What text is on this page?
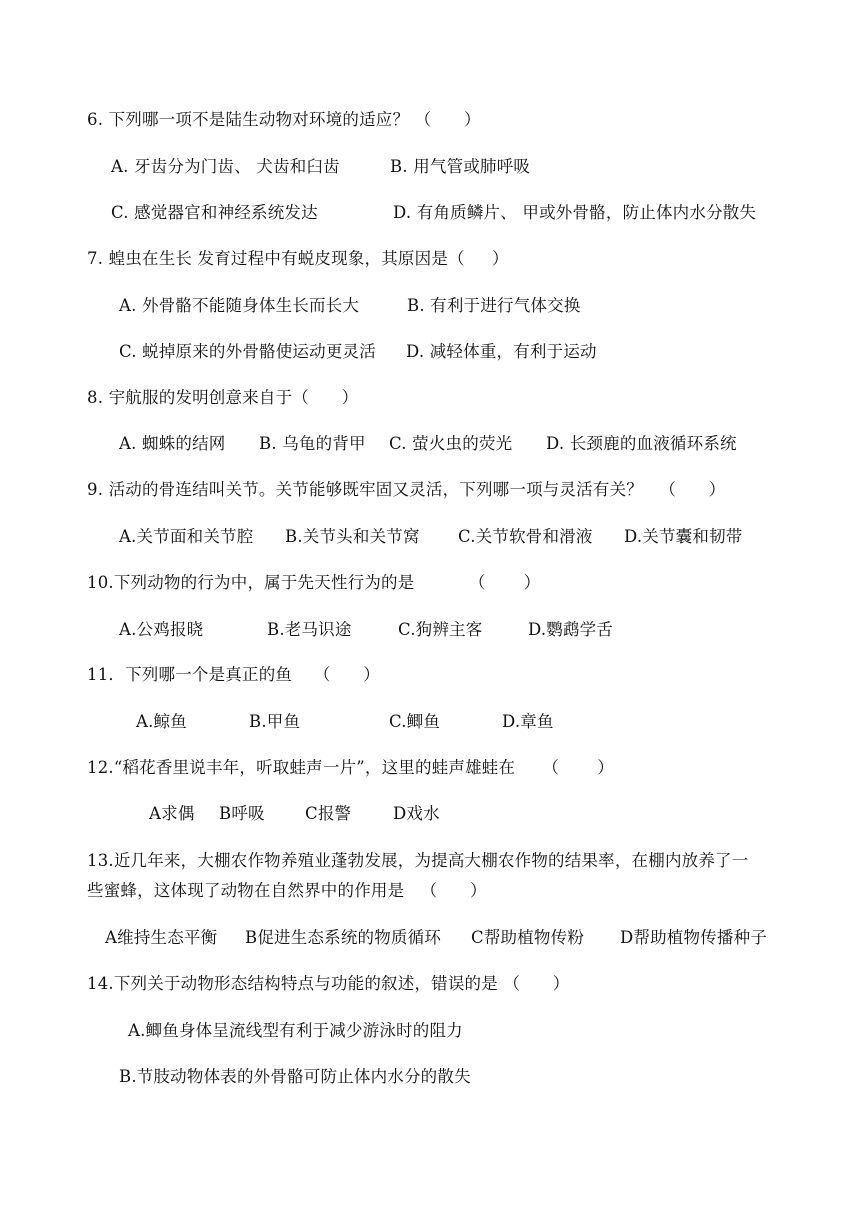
6. 下列哪一项不是陆生动物对环境的适应？ （      ）
A. 牙齿分为门齿、 犬齿和臼齿	B. 用气管或肺呼吸
C. 感觉器官和神经系统发达	D. 有角质鳞片、 甲或外骨骼，防止体内水分散失
7. 蝗虫在生长 发育过程中有蜕皮现象，其原因是（     ）
A. 外骨骼不能随身体生长而长大	B. 有利于进行气体交换
C. 蜕掉原来的外骨骼使运动更灵活 D. 减轻体重，有利于运动
8. 宇航服的发明创意来自于（      ）
A. 蜘蛛的结网 B. 乌龟的背甲 C. 萤火虫的荧光 D. 长颈鹿的血液循环系统
9. 活动的骨连结叫关节。关节能够既牢固又灵活，下列哪一项与灵活有关？   （      ）
A.关节面和关节腔 B.关节头和关节窝 C.关节软骨和滑液 D.关节囊和韧带
10.下列动物的行为中，属于先天性行为的是          （       ）
A.公鸡报晓	B.老马识途	C.狗辨主客	D.鹦鹉学舌
11．下列哪一个是真正的鱼    （      ）
A.鲸鱼	B.甲鱼	C.鲫鱼	D.章鱼
12.“稻花香里说丰年，听取蛙声一片”，这里的蛙声雄蛙在     （       ）
A求偶 B呼吸 C报警	D戏水
13.近几年来，大棚农作物养殖业蓬勃发展，为提高大棚农作物的结果率，在棚内放养了一
些蜜蜂，这体现了动物在自然界中的作用是   （      ）
A维持生态平衡 B促进生态系统的物质循环 C帮助植物传粉 D帮助植物传播种子
14.下列关于动物形态结构特点与功能的叙述，错误的是 （      ）
A.鲫鱼身体呈流线型有利于减少游泳时的阻力
B.节肢动物体表的外骨骼可防止体内水分的散失
